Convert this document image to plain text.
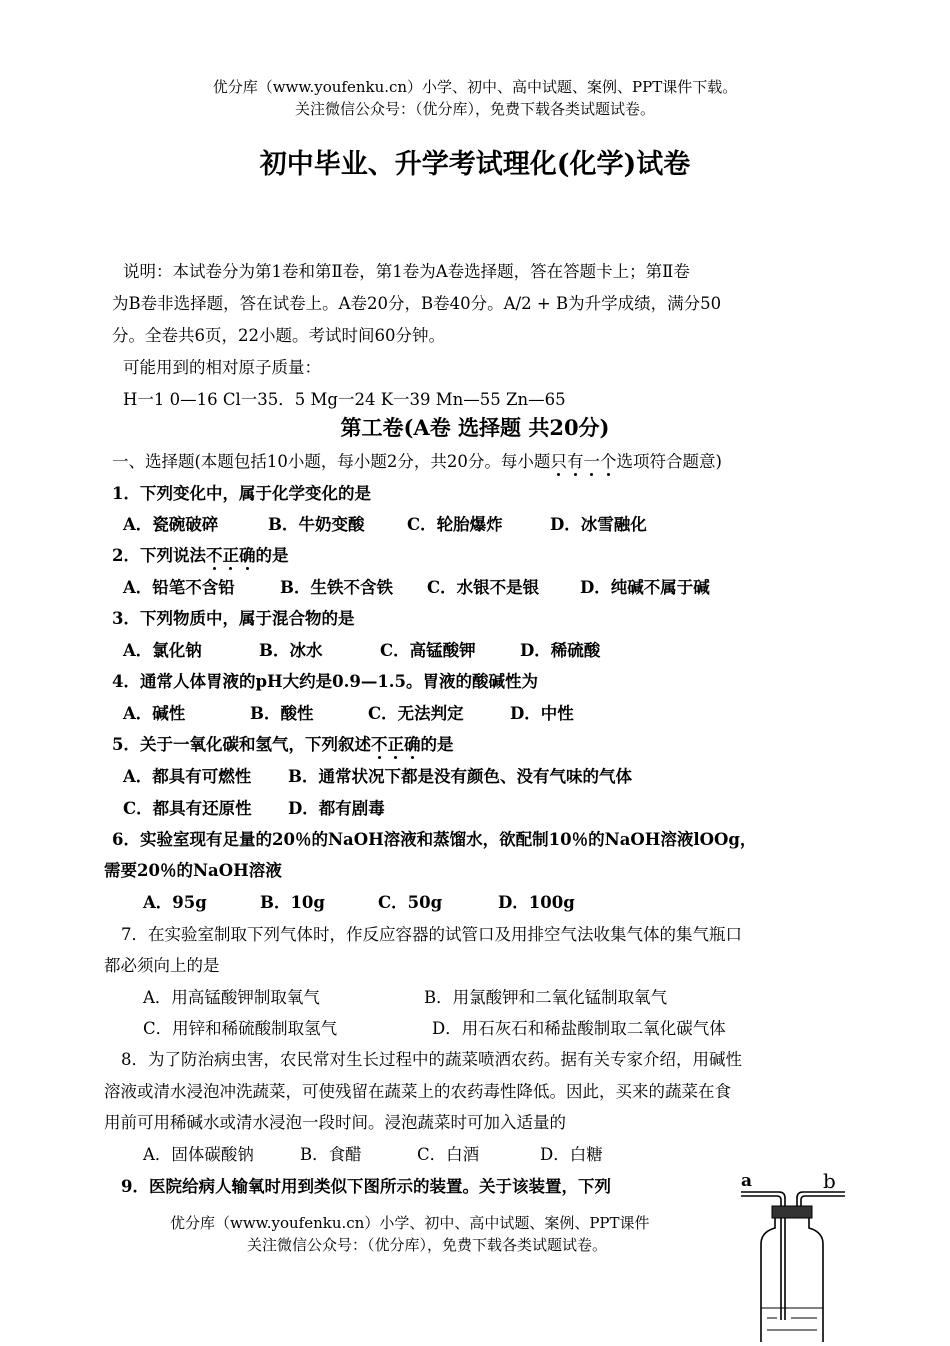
优分库（www.youfenku.cn）小学、初中、高中试题、案例、PPT课件下载。
关注微信公众号：（优分库），免费下载各类试题试卷。
初中毕业、升学考试理化(化学)试卷
说明：本试卷分为第1卷和第Ⅱ卷，第1卷为A卷选择题，答在答题卡上；第Ⅱ卷
为B卷非选择题，答在试卷上。A卷20分，B卷40分。A/2 + B为升学成绩，满分50
分。全卷共6页，22小题。考试时间60分钟。
可能用到的相对原子质量：
H一1 0—16 Cl一35．5 Mg一24 K一39 Mn—55 Zn—65
第工卷(A卷 选择题 共20分)
一、选择题(本题包括10小题，每小题2分，共20分。每小题只有一个选项符合题意)
1．下列变化中，属于化学变化的是
A．瓷碗破碎	B．牛奶变酸	C．轮胎爆炸	D．冰雪融化
2．下列说法不正确的是
A．铅笔不含铅	B．生铁不含铁 C．水银不是银 D．纯碱不属于碱
3．下列物质中，属于混合物的是
A．氯化钠	B．冰水	C．高锰酸钾	D．稀硫酸
4．通常人体胃液的pH大约是0.9—1.5。胃液的酸碱性为
A．碱性	B．酸性	C．无法判定	D．中性
5．关于一氧化碳和氢气，下列叙述不正确的是
A．都具有可燃性 B．通常状况下都是没有颜色、没有气味的气体
C．都具有还原性 D．都有剧毒
6．实验室现有足量的20％的NaOH溶液和蒸馏水，欲配制10％的NaOH溶液lOOg，
需要20％的NaOH溶液
A．95g	B．10g	C．50g	D．100g
7．在实验室制取下列气体时，作反应容器的试管口及用排空气法收集气体的集气瓶口
都必须向上的是
A．用高锰酸钾制取氧气	B．用氯酸钾和二氧化锰制取氧气
C．用锌和稀硫酸制取氢气	D．用石灰石和稀盐酸制取二氧化碳气体
8．为了防治病虫害，农民常对生长过程中的蔬菜喷洒农药。据有关专家介绍，用碱性
溶液或清水浸泡冲洗蔬菜，可使残留在蔬菜上的农药毒性降低。因此，买来的蔬菜在食
用前可用稀碱水或清水浸泡一段时间。浸泡蔬菜时可加入适量的
A．固体碳酸钠	B．食醋	C．白酒	D．白糖
9．医院给病人输氧时用到类似下图所示的装置。关于该装置，下列
优分库（www.youfenku.cn）小学、初中、高中试题、案例、PPT课件
关注微信公众号：（优分库），免费下载各类试题试卷。
a	b
